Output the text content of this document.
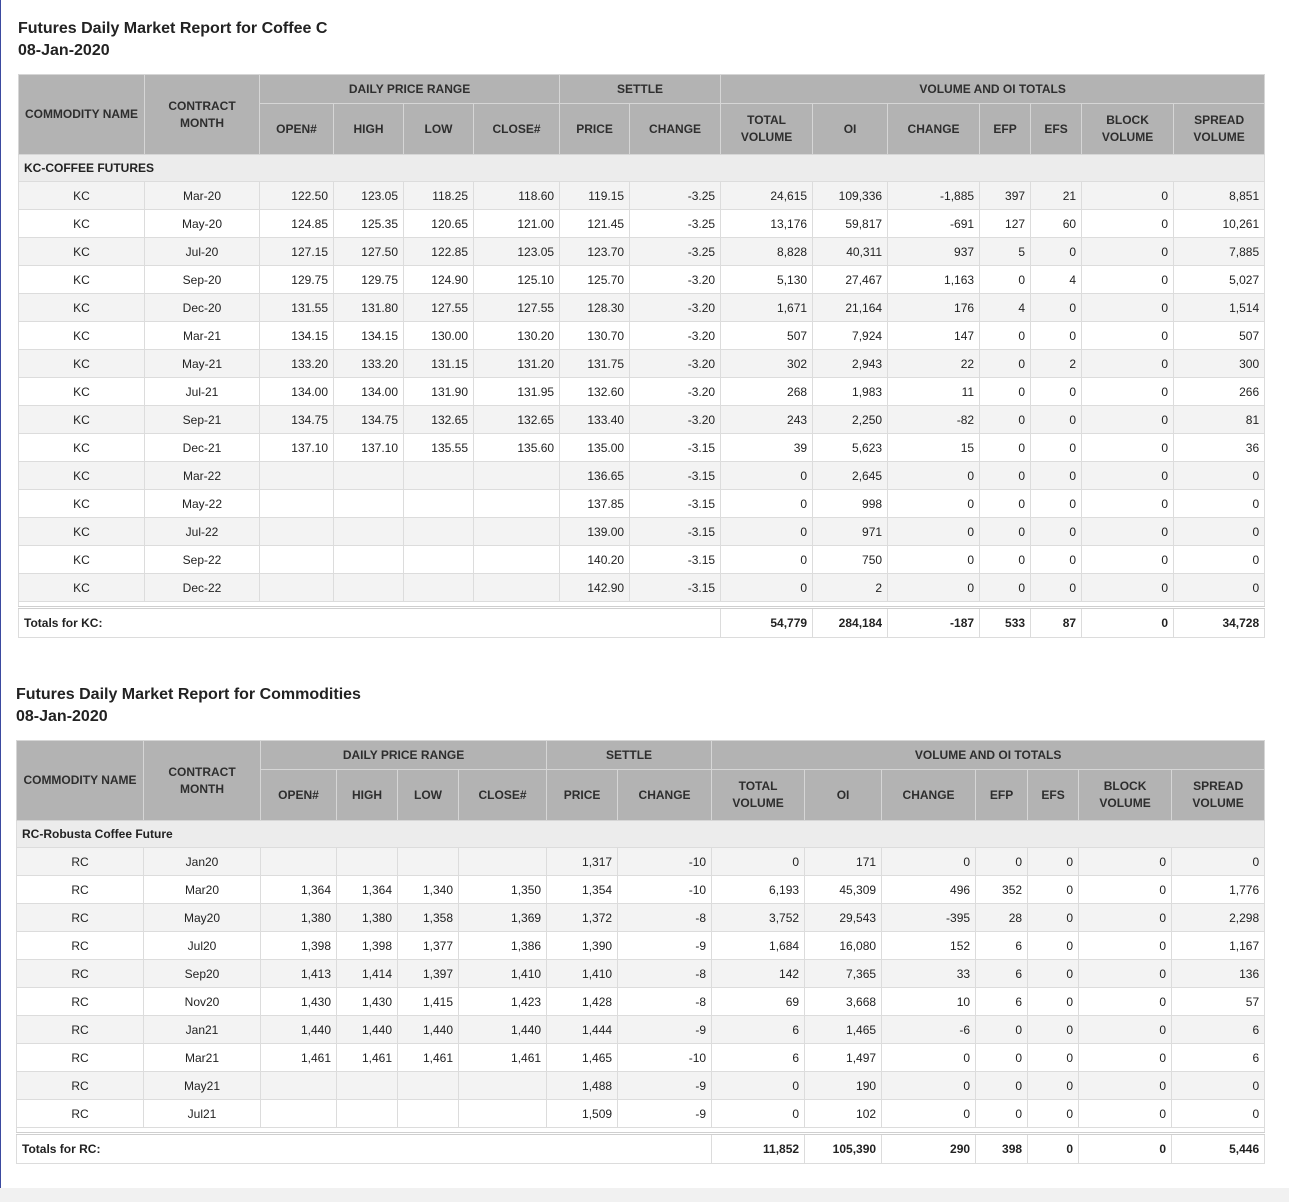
Futures Daily Market Report for Coffee C

08-Jan-2020

COMMODITY NAME	CONTRACT MONTH	DAILY PRICE RANGE				SETTLE		VOLUME AND OI TOTALS						
		OPEN#	HIGH	LOW	CLOSE#	PRICE	CHANGE	TOTAL VOLUME	OI	CHANGE	EFP	EFS	BLOCK VOLUME	SPREAD VOLUME
KC-COFFEE FUTURES														
KC	Mar-20	122.50	123.05	118.25	118.60	119.15	-3.25	24,615	109,336	-1,885	397	21	0	8,851
KC	May-20	124.85	125.35	120.65	121.00	121.45	-3.25	13,176	59,817	-691	127	60	0	10,261
KC	Jul-20	127.15	127.50	122.85	123.05	123.70	-3.25	8,828	40,311	937	5	0	0	7,885
KC	Sep-20	129.75	129.75	124.90	125.10	125.70	-3.20	5,130	27,467	1,163	0	4	0	5,027
KC	Dec-20	131.55	131.80	127.55	127.55	128.30	-3.20	1,671	21,164	176	4	0	0	1,514
KC	Mar-21	134.15	134.15	130.00	130.20	130.70	-3.20	507	7,924	147	0	0	0	507
KC	May-21	133.20	133.20	131.15	131.20	131.75	-3.20	302	2,943	22	0	2	0	300
KC	Jul-21	134.00	134.00	131.90	131.95	132.60	-3.20	268	1,983	11	0	0	0	266
KC	Sep-21	134.75	134.75	132.65	132.65	133.40	-3.20	243	2,250	-82	0	0	0	81
KC	Dec-21	137.10	137.10	135.55	135.60	135.00	-3.15	39	5,623	15	0	0	0	36
KC	Mar-22					136.65	-3.15	0	2,645	0	0	0	0	0
KC	May-22					137.85	-3.15	0	998	0	0	0	0	0
KC	Jul-22					139.00	-3.15	0	971	0	0	0	0	0
KC	Sep-22					140.20	-3.15	0	750	0	0	0	0	0
KC	Dec-22					142.90	-3.15	0	2	0	0	0	0	0

Totals for KC:								54,779	284,184	-187	533	87	0	34,728

Futures Daily Market Report for Commodities

08-Jan-2020

COMMODITY NAME	CONTRACT MONTH	DAILY PRICE RANGE				SETTLE		VOLUME AND OI TOTALS						
		OPEN#	HIGH	LOW	CLOSE#	PRICE	CHANGE	TOTAL VOLUME	OI	CHANGE	EFP	EFS	BLOCK VOLUME	SPREAD VOLUME
RC-Robusta Coffee Future														
RC	Jan20					1,317	-10	0	171	0	0	0	0	0
RC	Mar20	1,364	1,364	1,340	1,350	1,354	-10	6,193	45,309	496	352	0	0	1,776
RC	May20	1,380	1,380	1,358	1,369	1,372	-8	3,752	29,543	-395	28	0	0	2,298
RC	Jul20	1,398	1,398	1,377	1,386	1,390	-9	1,684	16,080	152	6	0	0	1,167
RC	Sep20	1,413	1,414	1,397	1,410	1,410	-8	142	7,365	33	6	0	0	136
RC	Nov20	1,430	1,430	1,415	1,423	1,428	-8	69	3,668	10	6	0	0	57
RC	Jan21	1,440	1,440	1,440	1,440	1,444	-9	6	1,465	-6	0	0	0	6
RC	Mar21	1,461	1,461	1,461	1,461	1,465	-10	6	1,497	0	0	0	0	6
RC	May21					1,488	-9	0	190	0	0	0	0	0
RC	Jul21					1,509	-9	0	102	0	0	0	0	0

Totals for RC:								11,852	105,390	290	398	0	0	5,446
